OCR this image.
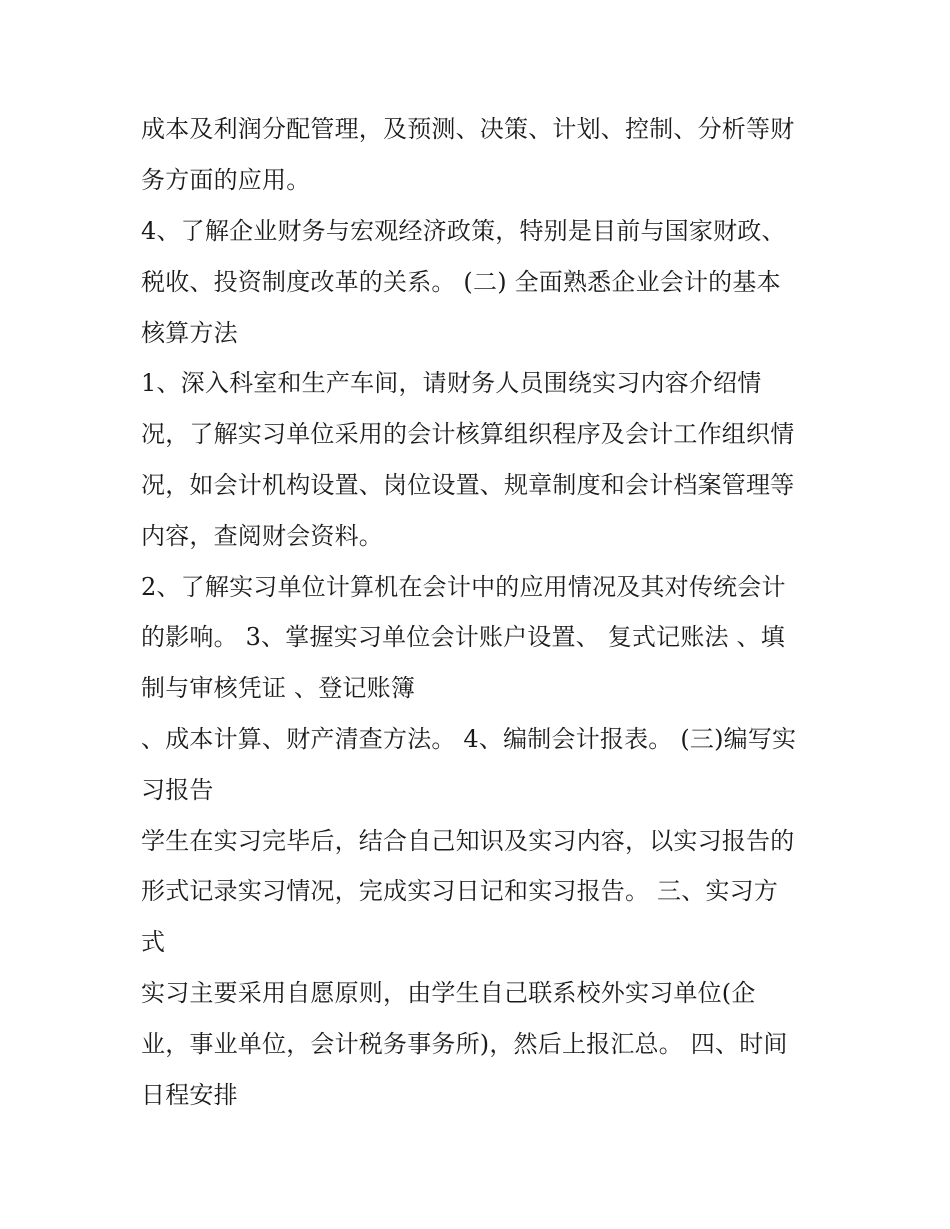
成本及利润分配管理，及预测、决策、计划、控制、分析等财
务方面的应用。
4、了解企业财务与宏观经济政策，特别是目前与国家财政、
税收、投资制度改革的关系。 (二) 全面熟悉企业会计的基本
核算方法
1、深入科室和生产车间，请财务人员围绕实习内容介绍情
况，了解实习单位采用的会计核算组织程序及会计工作组织情
况，如会计机构设置、岗位设置、规章制度和会计档案管理等
内容，查阅财会资料。
2、了解实习单位计算机在会计中的应用情况及其对传统会计
的影响。 3、掌握实习单位会计账户设置、 复式记账法 、填
制与审核凭证 、登记账簿
、成本计算、财产清查方法。 4、编制会计报表。 (三)编写实
习报告
学生在实习完毕后，结合自己知识及实习内容，以实习报告的
形式记录实习情况，完成实习日记和实习报告。 三、实习方
式
实习主要采用自愿原则，由学生自己联系校外实习单位(企
业，事业单位，会计税务事务所)，然后上报汇总。 四、时间
日程安排
